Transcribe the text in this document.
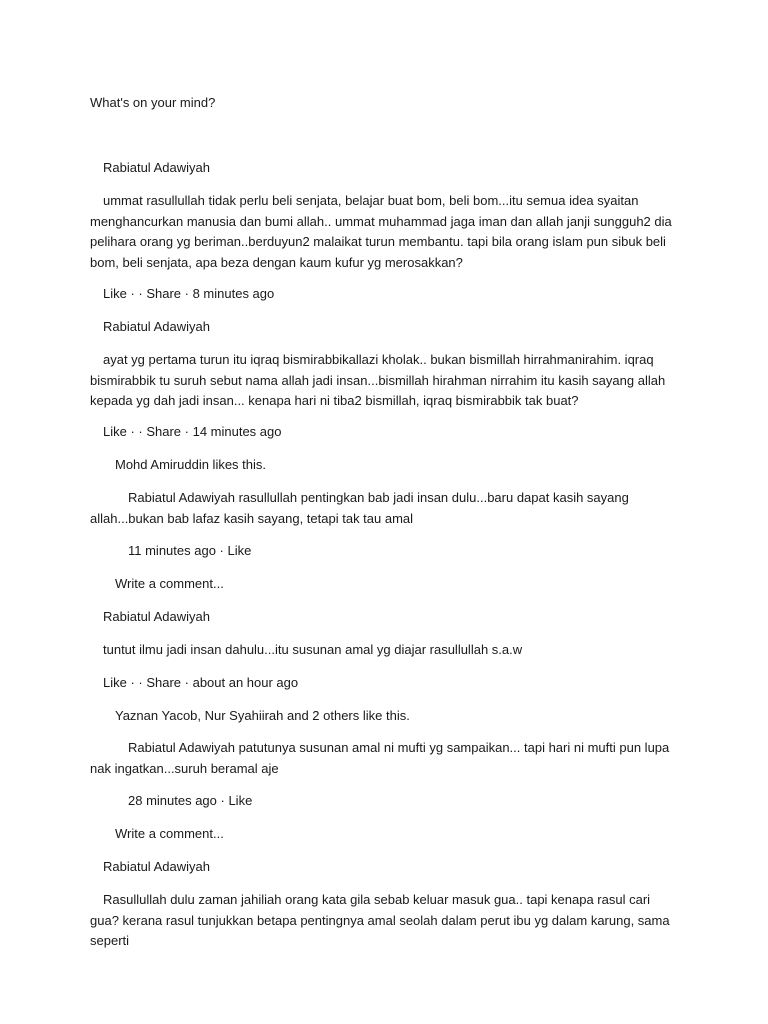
What's on your mind?

Rabiatul Adawiyah

ummat rasullullah tidak perlu beli senjata, belajar buat bom, beli bom...itu semua idea syaitan menghancurkan manusia dan bumi allah.. ummat muhammad jaga iman dan allah janji sungguh2 dia pelihara orang yg beriman..berduyun2 malaikat turun membantu. tapi bila orang islam pun sibuk beli bom, beli senjata, apa beza dengan kaum kufur yg merosakkan?

Like · · Share · 8 minutes ago

Rabiatul Adawiyah

ayat yg pertama turun itu iqraq bismirabbikallazi kholak.. bukan bismillah hirrahmanirahim. iqraq bismirabbik tu suruh sebut nama allah jadi insan...bismillah hirahman nirrahim itu kasih sayang allah kepada yg dah jadi insan... kenapa hari ni tiba2 bismillah, iqraq bismirabbik tak buat?

Like · · Share · 14 minutes ago

Mohd Amiruddin likes this.

Rabiatul Adawiyah rasullullah pentingkan bab jadi insan dulu...baru dapat kasih sayang allah...bukan bab lafaz kasih sayang, tetapi tak tau amal

11 minutes ago · Like

Write a comment...

Rabiatul Adawiyah

tuntut ilmu jadi insan dahulu...itu susunan amal yg diajar rasullullah s.a.w

Like · · Share · about an hour ago

Yaznan Yacob, Nur Syahiirah and 2 others like this.

Rabiatul Adawiyah patutunya susunan amal ni mufti yg sampaikan... tapi hari ni mufti pun lupa nak ingatkan...suruh beramal aje

28 minutes ago · Like

Write a comment...

Rabiatul Adawiyah

Rasullullah dulu zaman jahiliah orang kata gila sebab keluar masuk gua.. tapi kenapa rasul cari gua? kerana rasul tunjukkan betapa pentingnya amal seolah dalam perut ibu yg dalam karung, sama seperti
